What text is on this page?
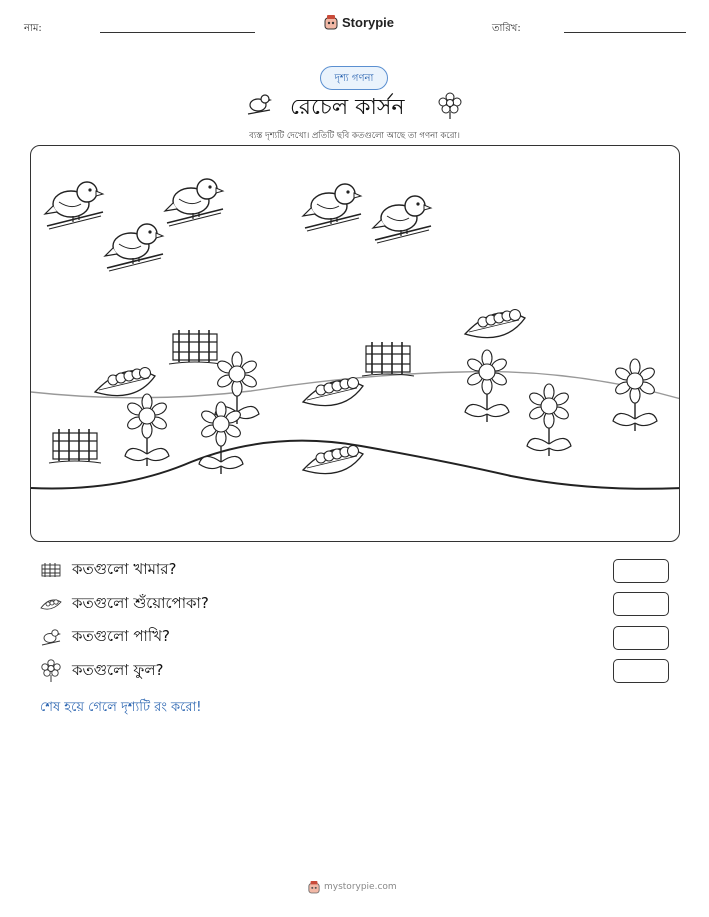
নাম:	Storypie	তারিখ:
দৃশ্য গণনা
রেচেল কার্সন
ব্যস্ত দৃশ্যটি দেখো। প্রতিটি ছবি কতগুলো আছে তা গণনা করো।
কতগুলো খামার?
কতগুলো শুঁয়োপোকা?
কতগুলো পাখি?
কতগুলো ফুল?
শেষ হয়ে গেলে দৃশ্যটি রং করো!
mystorypie.com
